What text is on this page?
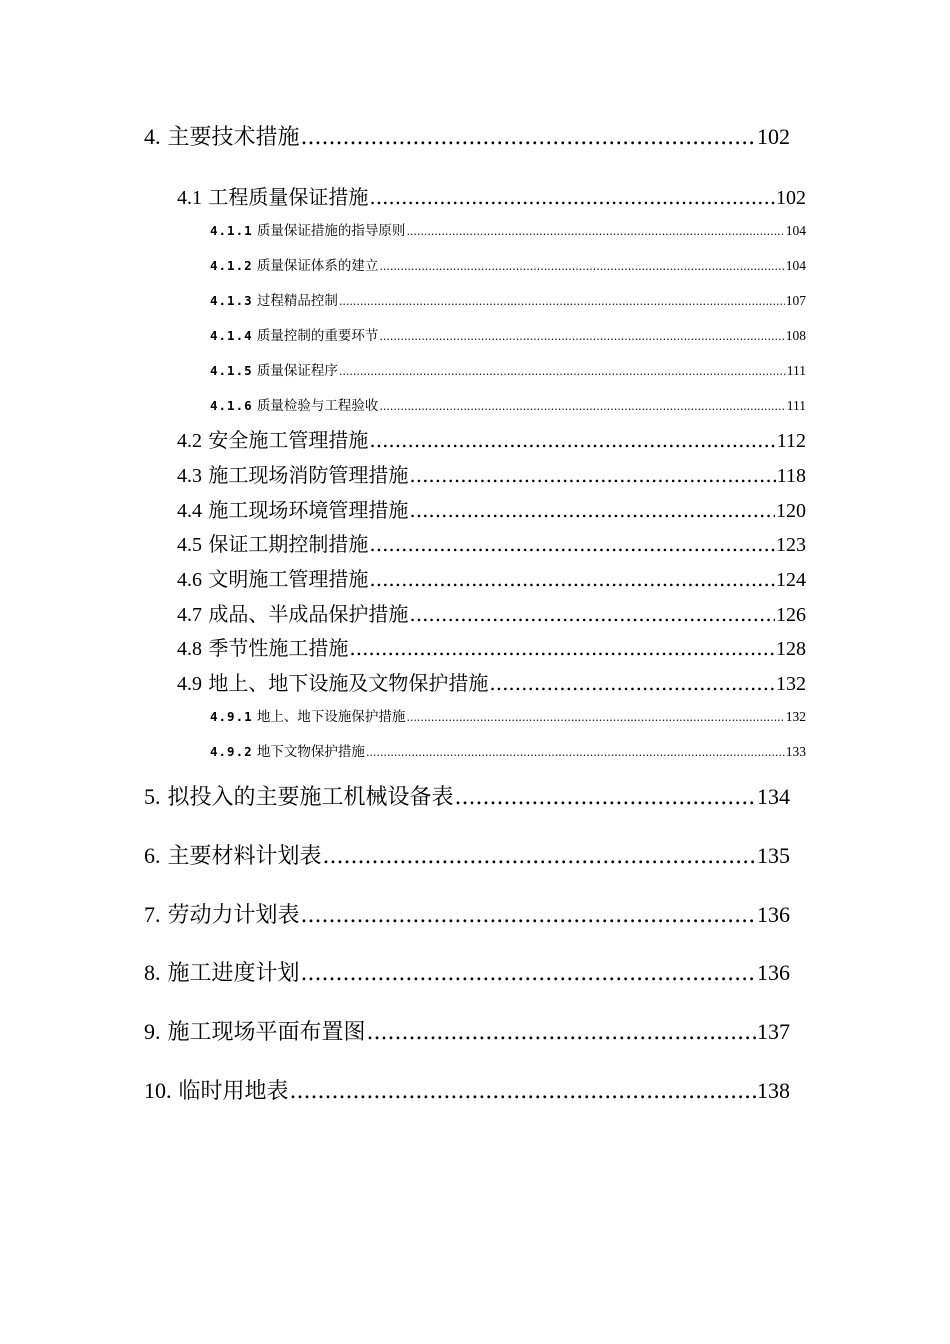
4. 主要技术措施 .....	102
4.1 工程质量保证措施 .....	102
4.1.1 质量保证措施的指导原则 .....	104
4.1.2 质量保证体系的建立 .....	104
4.1.3 过程精品控制 .....	107
4.1.4 质量控制的重要环节 .....	108
4.1.5 质量保证程序 .....	111
4.1.6 质量检验与工程验收 .....	111
4.2 安全施工管理措施 .....	112
4.3 施工现场消防管理措施 .....	118
4.4 施工现场环境管理措施 .....	120
4.5 保证工期控制措施 .....	123
4.6 文明施工管理措施 .....	124
4.7 成品、半成品保护措施 .....	126
4.8 季节性施工措施 .....	128
4.9 地上、地下设施及文物保护措施 .....	132
4.9.1 地上、地下设施保护措施 .....	132
4.9.2 地下文物保护措施 .....	133
5. 拟投入的主要施工机械设备表 .....	134
6. 主要材料计划表 .....	135
7. 劳动力计划表 .....	136
8. 施工进度计划 .....	136
9. 施工现场平面布置图 .....	137
10. 临时用地表 .....	138
